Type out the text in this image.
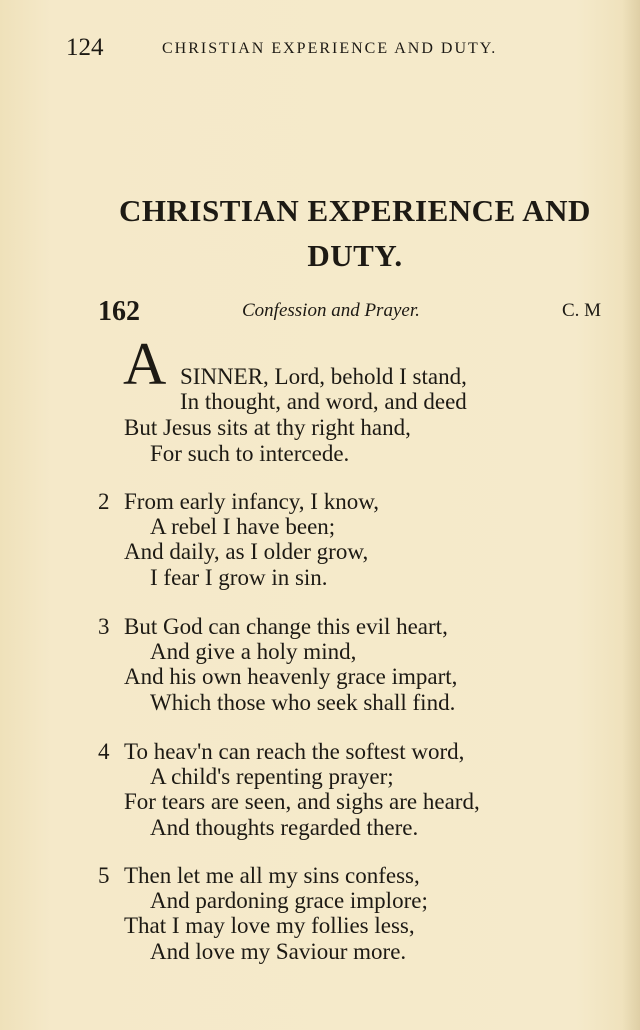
124	CHRISTIAN EXPERIENCE AND DUTY.
CHRISTIAN EXPERIENCE AND
DUTY.
162	Confession and Prayer.	C. M
A SINNER, Lord, behold I stand,
In thought, and word, and deed
But Jesus sits at thy right hand,
For such to intercede.
2 From early infancy, I know,
A rebel I have been;
And daily, as I older grow,
I fear I grow in sin.
3 But God can change this evil heart,
And give a holy mind,
And his own heavenly grace impart,
Which those who seek shall find.
4 To heav'n can reach the softest word,
A child's repenting prayer;
For tears are seen, and sighs are heard,
And thoughts regarded there.
5 Then let me all my sins confess,
And pardoning grace implore;
That I may love my follies less,
And love my Saviour more.
